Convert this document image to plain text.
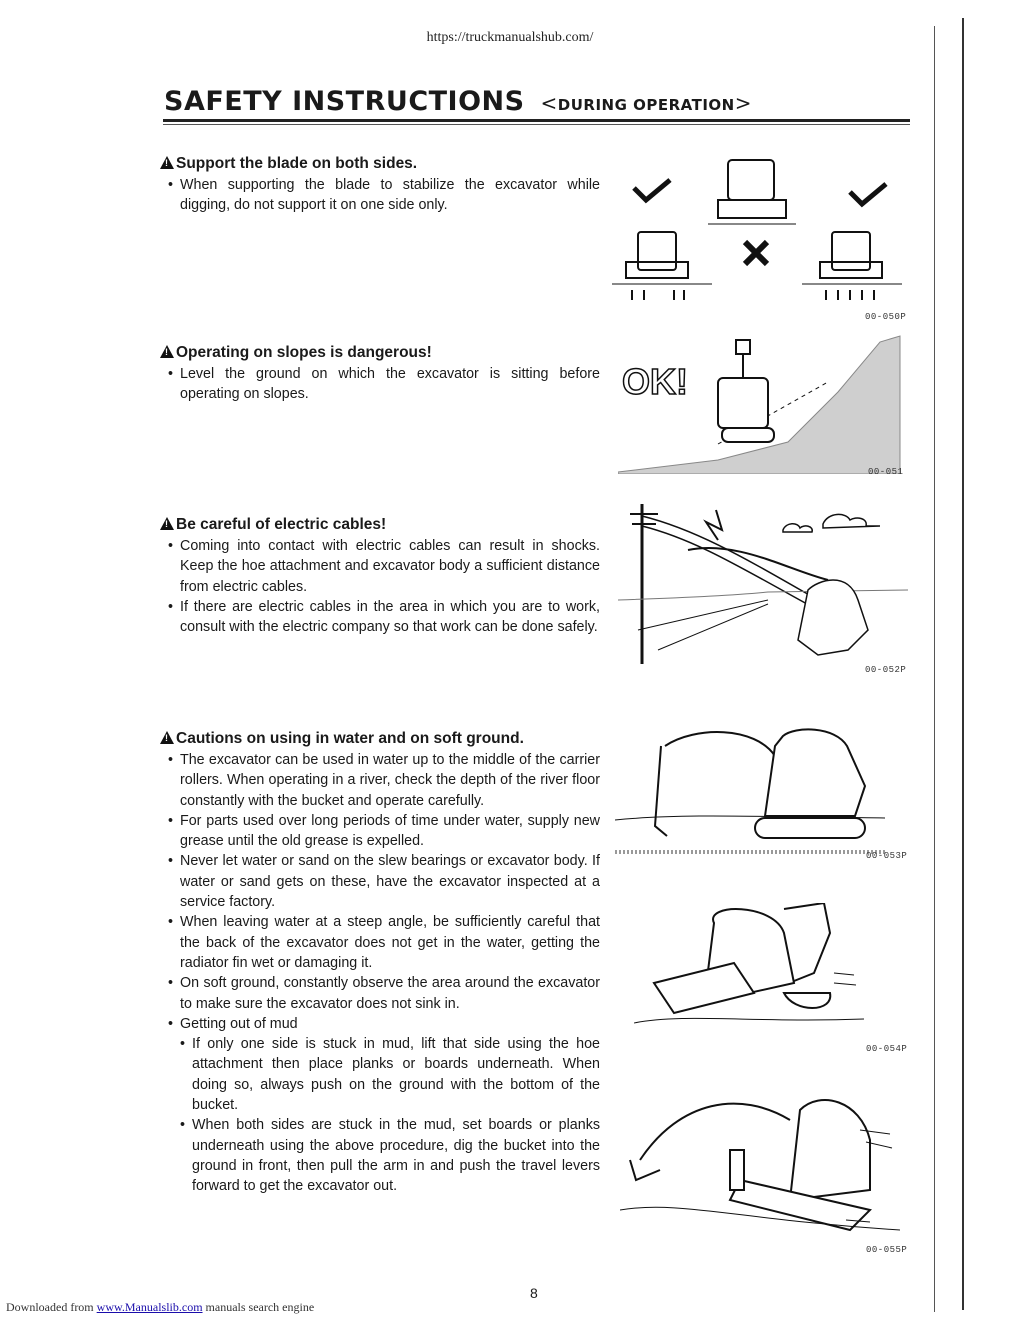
https://truckmanualshub.com/
SAFETY INSTRUCTIONS <DURING OPERATION>
!Support the blade on both sides.
• When supporting the blade to stabilize the excavator while digging, do not support it on one side only.
00-050P
!Operating on slopes is dangerous!
• Level the ground on which the excavator is sitting before operating on slopes.	OK!
00-051
!Be careful of electric cables!
• Coming into contact with electric cables can result in shocks. Keep the hoe attachment and excavator body a sufficient distance from electric cables.
• If there are electric cables in the area in which you are to work, consult with the electric company so that work can be done safely.
00-052P
!Cautions on using in water and on soft ground.
• The excavator can be used in water up to the middle of the carrier rollers. When operating in a river, check the depth of the river floor constantly with the bucket and operate carefully.
• For parts used over long periods of time under water, supply new grease until the old grease is expelled.
• Never let water or sand on the slew bearings or excavator body. If water or sand gets on these, have the excavator inspected at a service factory.
• When leaving water at a steep angle, be sufficiently careful that the back of the excavator does not get in the water, getting the radiator fin wet or damaging it.
• On soft ground, constantly observe the area around the excavator to make sure the excavator does not sink in.
• Getting out of mud
• If only one side is stuck in mud, lift that side using the hoe attachment then place planks or boards underneath. When doing so, always push on the ground with the bottom of the bucket.
• When both sides are stuck in the mud, set boards or planks underneath using the above procedure, dig the bucket into the ground in front, then pull the arm in and push the travel levers forward to get the excavator out.
00-053P
00-054P
00-055P
8
Downloaded from www.Manualslib.com manuals search engine
